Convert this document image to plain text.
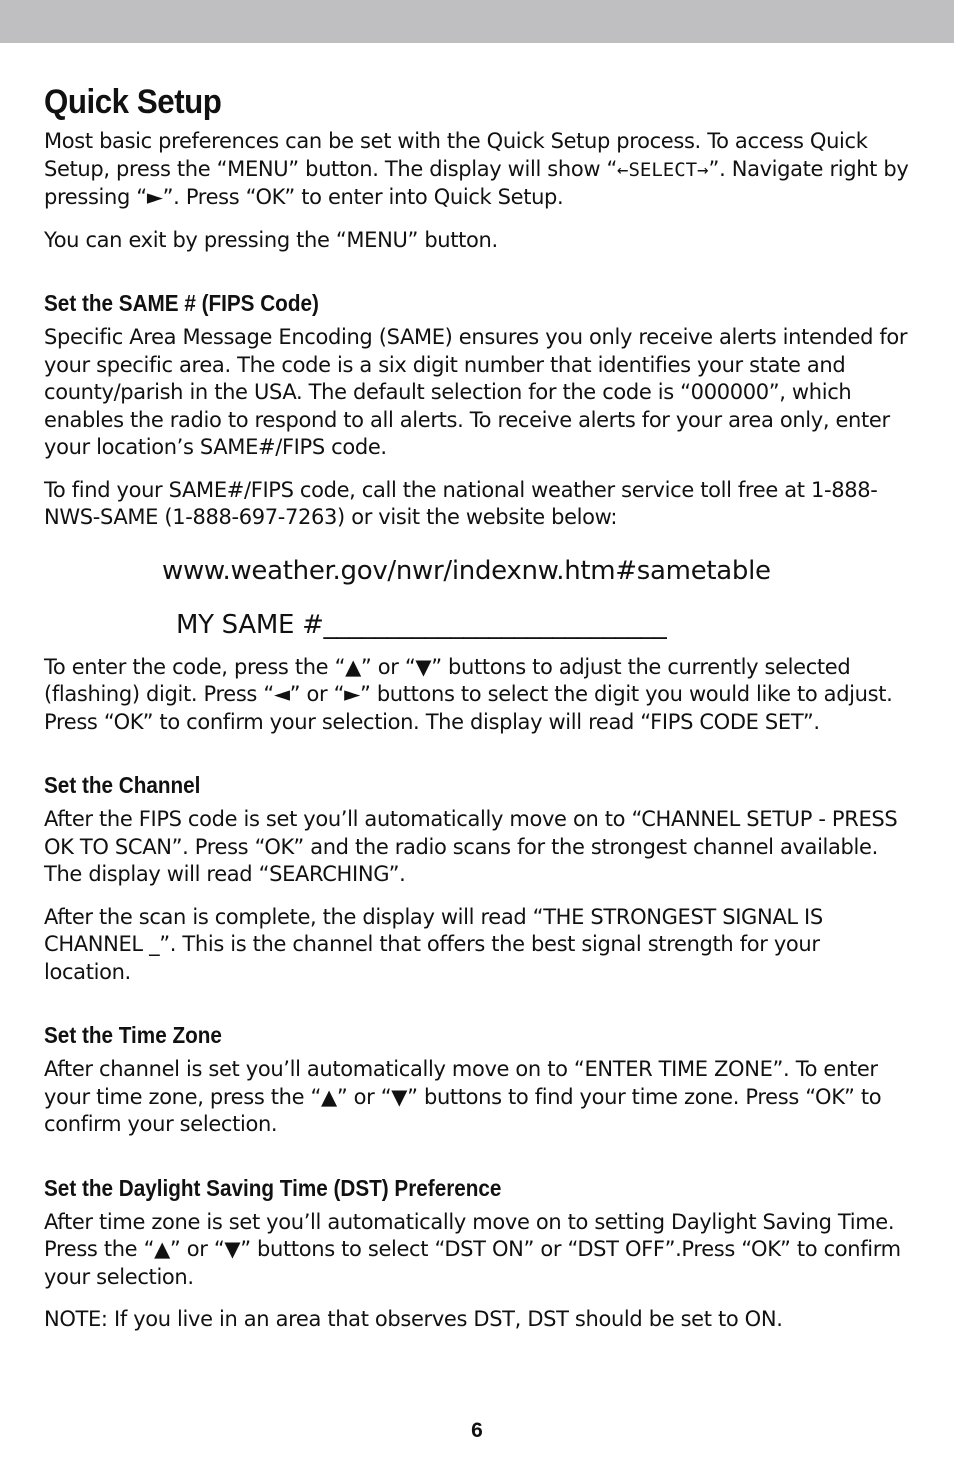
Quick Setup

Most basic preferences can be set with the Quick Setup process. To access Quick Setup, press the “MENU” button. The display will show “←SELECT→”. Navigate right by pressing “►”. Press “OK” to enter into Quick Setup.

You can exit by pressing the “MENU” button.

Set the SAME # (FIPS Code)

Specific Area Message Encoding (SAME) ensures you only receive alerts intended for your specific area. The code is a six digit number that identifies your state and county/parish in the USA. The default selection for the code is “000000”, which enables the radio to respond to all alerts. To receive alerts for your area only, enter your location’s SAME#/FIPS code.

To find your SAME#/FIPS code, call the national weather service toll free at 1-888-NWS-SAME (1-888-697-7263) or visit the website below:

www.weather.gov/nwr/indexnw.htm#sametable
MY SAME #___________________________

To enter the code, press the “▲” or “▼” buttons to adjust the currently selected (flashing) digit. Press “◄” or “►” buttons to select the digit you would like to adjust. Press “OK” to confirm your selection. The display will read “FIPS CODE SET”.

Set the Channel

After the FIPS code is set you’ll automatically move on to “CHANNEL SETUP - PRESS OK TO SCAN”. Press “OK” and the radio scans for the strongest channel available. The display will read “SEARCHING”.

After the scan is complete, the display will read “THE STRONGEST SIGNAL IS CHANNEL _”. This is the channel that offers the best signal strength for your location.

Set the Time Zone

After channel is set you’ll automatically move on to “ENTER TIME ZONE”. To enter your time zone, press the “▲” or “▼” buttons to find your time zone. Press “OK” to confirm your selection.

Set the Daylight Saving Time (DST) Preference

After time zone is set you’ll automatically move on to setting Daylight Saving Time. Press the “▲” or “▼” buttons to select “DST ON” or “DST OFF”.Press “OK” to confirm your selection.

NOTE: If you live in an area that observes DST, DST should be set to ON.

6
